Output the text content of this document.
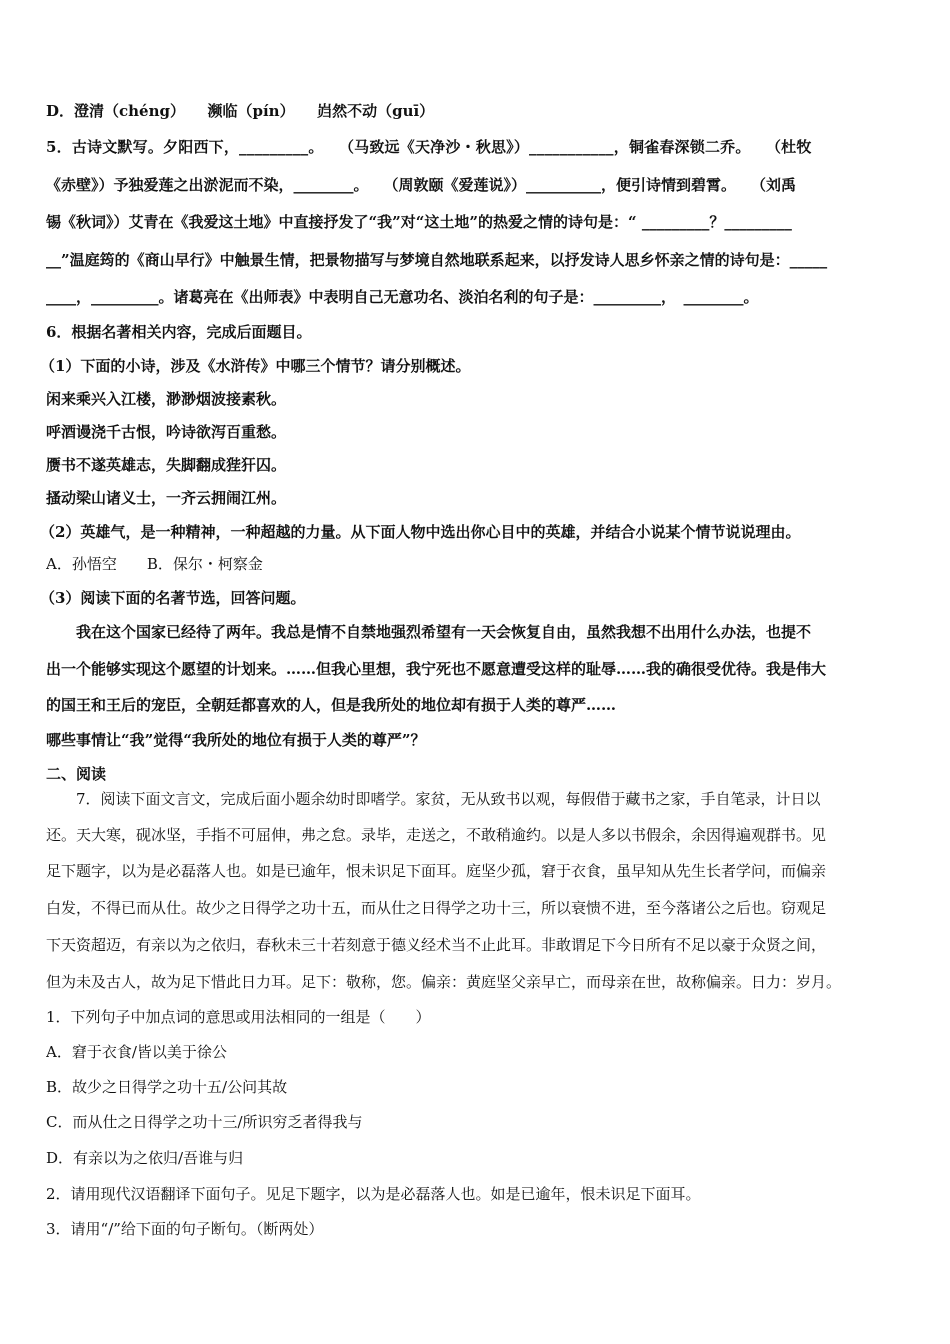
D．澄清（chéng）　　濒临（pín）　　岿然不动（guī）
5．古诗文默写。夕阳西下，_________。　　（马致远《天净沙・秋思》）___________，铜雀春深锁二乔。　　（杜牧
《赤壁》）予独爱莲之出淤泥而不染，________。　　（周敦颐《爱莲说》）__________，便引诗情到碧霄。　　（刘禹
锡《秋词》）艾青在《我爱这土地》中直接抒发了“我”对“这土地”的热爱之情的诗句是：“ _________？_________
__”温庭筠的《商山早行》中触景生情，把景物描写与梦境自然地联系起来，以抒发诗人思乡怀亲之情的诗句是：_____
____，_________。诸葛亮在《出师表》中表明自己无意功名、淡泊名利的句子是：_________，　________。
6．根据名著相关内容，完成后面题目。
（1）下面的小诗，涉及《水浒传》中哪三个情节？请分别概述。
闲来乘兴入江楼，渺渺烟波接素秋。
呼酒谩浇千古恨，吟诗欲泻百重愁。
赝书不遂英雄志，失脚翻成狴犴囚。
搔动梁山诸义士，一齐云拥闹江州。
（2）英雄气，是一种精神，一种超越的力量。从下面人物中选出你心目中的英雄，并结合小说某个情节说说理由。
A．孙悟空　　B．保尔・柯察金
（3）阅读下面的名著节选，回答问题。
我在这个国家已经待了两年。我总是情不自禁地强烈希望有一天会恢复自由，虽然我想不出用什么办法，也提不
出一个能够实现这个愿望的计划来。……但我心里想，我宁死也不愿意遭受这样的耻辱……我的确很受优待。我是伟大
的国王和王后的宠臣，全朝廷都喜欢的人，但是我所处的地位却有损于人类的尊严……
哪些事情让“我”觉得“我所处的地位有损于人类的尊严”？
二、阅读
7．阅读下面文言文，完成后面小题余幼时即嗜学。家贫，无从致书以观，每假借于藏书之家，手自笔录，计日以
还。天大寒，砚冰坚，手指不可屈伸，弗之怠。录毕，走送之，不敢稍逾约。以是人多以书假余，余因得遍观群书。见
足下题字，以为是必磊落人也。如是已逾年，恨未识足下面耳。庭坚少孤，窘于衣食，虽早知从先生长者学问，而偏亲
白发，不得已而从仕。故少之日得学之功十五，而从仕之日得学之功十三，所以衰愦不进，至今落诸公之后也。窃观足
下天资超迈，有亲以为之依归，春秋未三十若刻意于德义经术当不止此耳。非敢谓足下今日所有不足以豪于众贤之间，
但为未及古人，故为足下惜此日力耳。足下：敬称，您。偏亲：黄庭坚父亲早亡，而母亲在世，故称偏亲。日力：岁月。
1．下列句子中加点词的意思或用法相同的一组是（　　）
A．窘于衣食/皆以美于徐公
B．故少之日得学之功十五/公问其故
C．而从仕之日得学之功十三/所识穷乏者得我与
D．有亲以为之依归/吾谁与归
2．请用现代汉语翻译下面句子。见足下题字，以为是必磊落人也。如是已逾年，恨未识足下面耳。
3．请用“/”给下面的句子断句。（断两处）
